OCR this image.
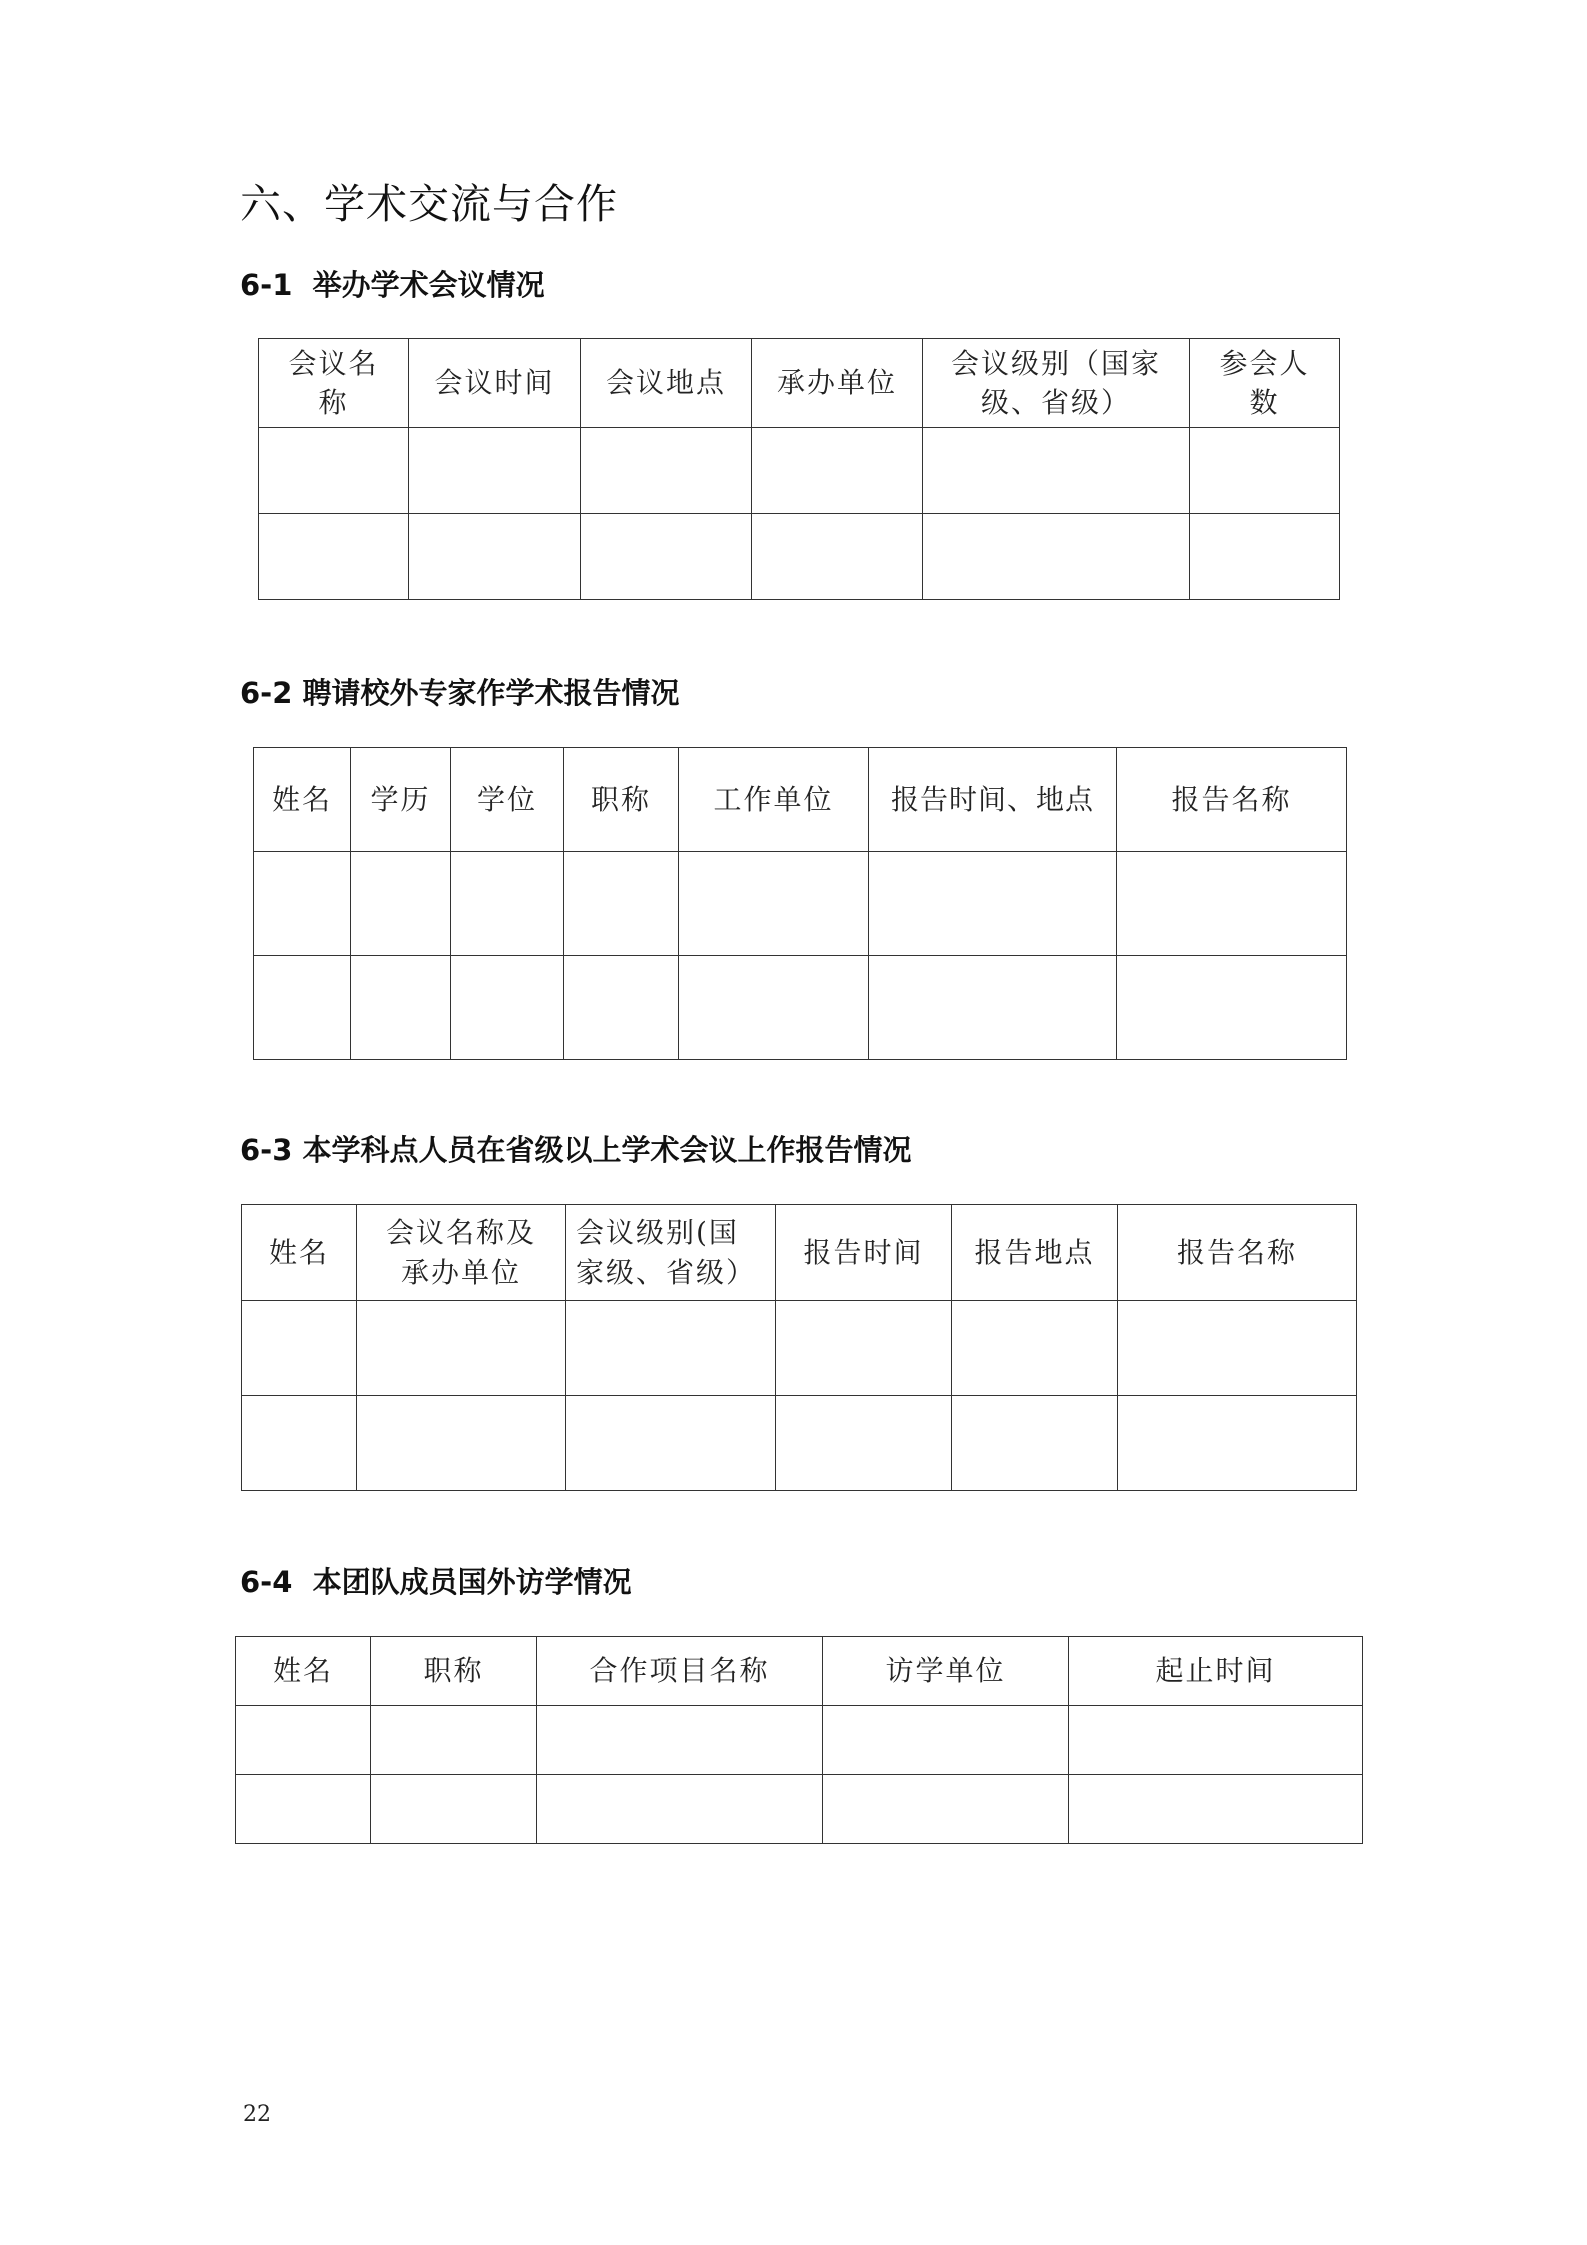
六、学术交流与合作
6-1  举办学术会议情况
会议名称	会议时间	会议地点	承办单位	会议级别（国家级、省级）	参会人数

6-2 聘请校外专家作学术报告情况
姓名	学历	学位	职称	工作单位	报告时间、地点	报告名称

6-3 本学科点人员在省级以上学术会议上作报告情况
姓名	会议名称及承办单位	会议级别(国家级、省级）	报告时间	报告地点	报告名称

6-4  本团队成员国外访学情况
姓名	职称	合作项目名称	访学单位	起止时间

22
